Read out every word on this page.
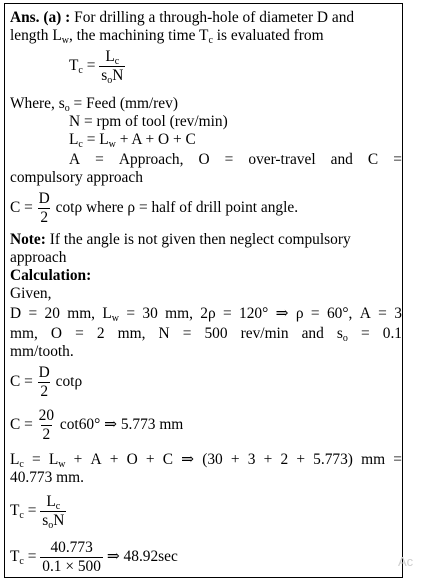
Ans. (a) : For drilling a through-hole of diameter D and
length $L_w$, the machining time $T_c$ is evaluated from
$T_c = \frac{L_c}{s_oN}$
Where, $s_o$ = Feed (mm/rev)
N = rpm of tool (rev/min)
$L_c = L_w + A + O + C$
A = Approach, O = over-travel and C =
compulsory approach
$C = \frac{D}{2}$ cotρ where ρ = half of drill point angle.
Note: If the angle is not given then neglect compulsory
approach
Calculation:
Given,
D = 20 mm, $L_w = 30$ mm, 2ρ = 120° ⇒ ρ = 60°, A = 3
mm, O = 2 mm, N = 500 rev/min and $s_o = 0.1$
mm/tooth.
$C = \frac{D}{2}$ cotρ
$C = \frac{20}{2} \cot 60^\circ$ ⇒ 5.773 mm
$L_c = L_w + A + O + C$ ⇒ (30 + 3 + 2 + 5.773) mm =
40.773 mm.
$T_c = \frac{L_c}{s_oN}$
$T_c = \frac{40.773}{0.1 \times 500}$ ⇒ 48.92sec	Ac
